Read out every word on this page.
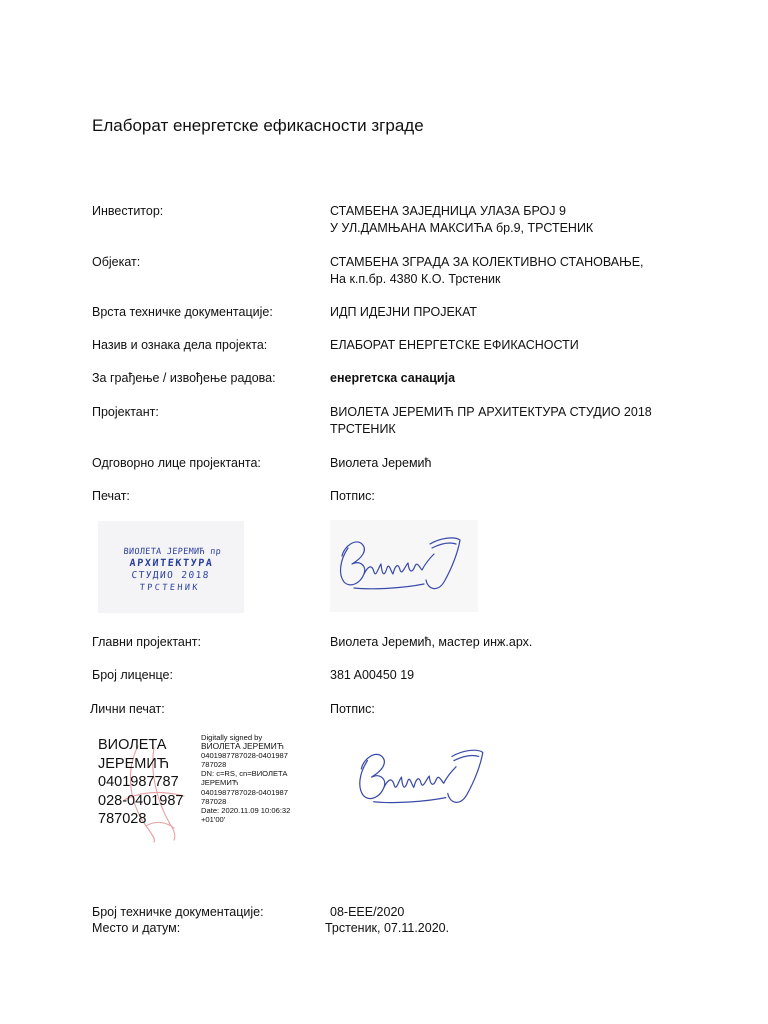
Елаборат енергетске ефикасности зграде
Инвеститор:	СТАМБЕНА ЗАЈЕДНИЦА УЛАЗА БРОЈ 9
У УЛ.ДАМЊАНА МАКСИЋА бр.9, ТРСТЕНИК
Објекат:	СТАМБЕНА ЗГРАДА ЗА КОЛЕКТИВНО СТАНОВАЊЕ,
На к.п.бр. 4380 К.О. Трстеник
Врста техничке документације:	ИДП ИДЕЈНИ ПРОЈЕКАТ
Назив и ознака дела пројекта:	ЕЛАБОРАТ ЕНЕРГЕТСКЕ ЕФИКАСНОСТИ
За грађење / извођење радова:	енергетска санација
Пројектант:	ВИОЛЕТА ЈЕРЕМИЋ ПР АРХИТЕКТУРА СТУДИО 2018
ТРСТЕНИК
Одговорно лице пројектанта:	Виолета Јеремић
Печат:	Потпис:
ВИОЛЕТА ЈЕРЕМИЋ пр
АРХИТЕКТУРА
СТУДИО 2018
ТРСТЕНИК
Главни пројектант:	Виолета Јеремић, мастер инж.арх.
Број лиценце:	381 A00450 19
Лични печат:	Потпис:
ВИОЛЕТА
ЈЕРЕМИЋ
0401987787
028-0401987
787028
Digitally signed by
ВИОЛЕТА ЈЕРЕМИЋ
0401987787028-0401987
787028
DN: c=RS, cn=ВИОЛЕТА
ЈЕРЕМИЋ
0401987787028-0401987
787028
Date: 2020.11.09 10:06:32
+01'00'
Број техничке документације:	08-EEE/2020
Место и датум:	Трстеник, 07.11.2020.
